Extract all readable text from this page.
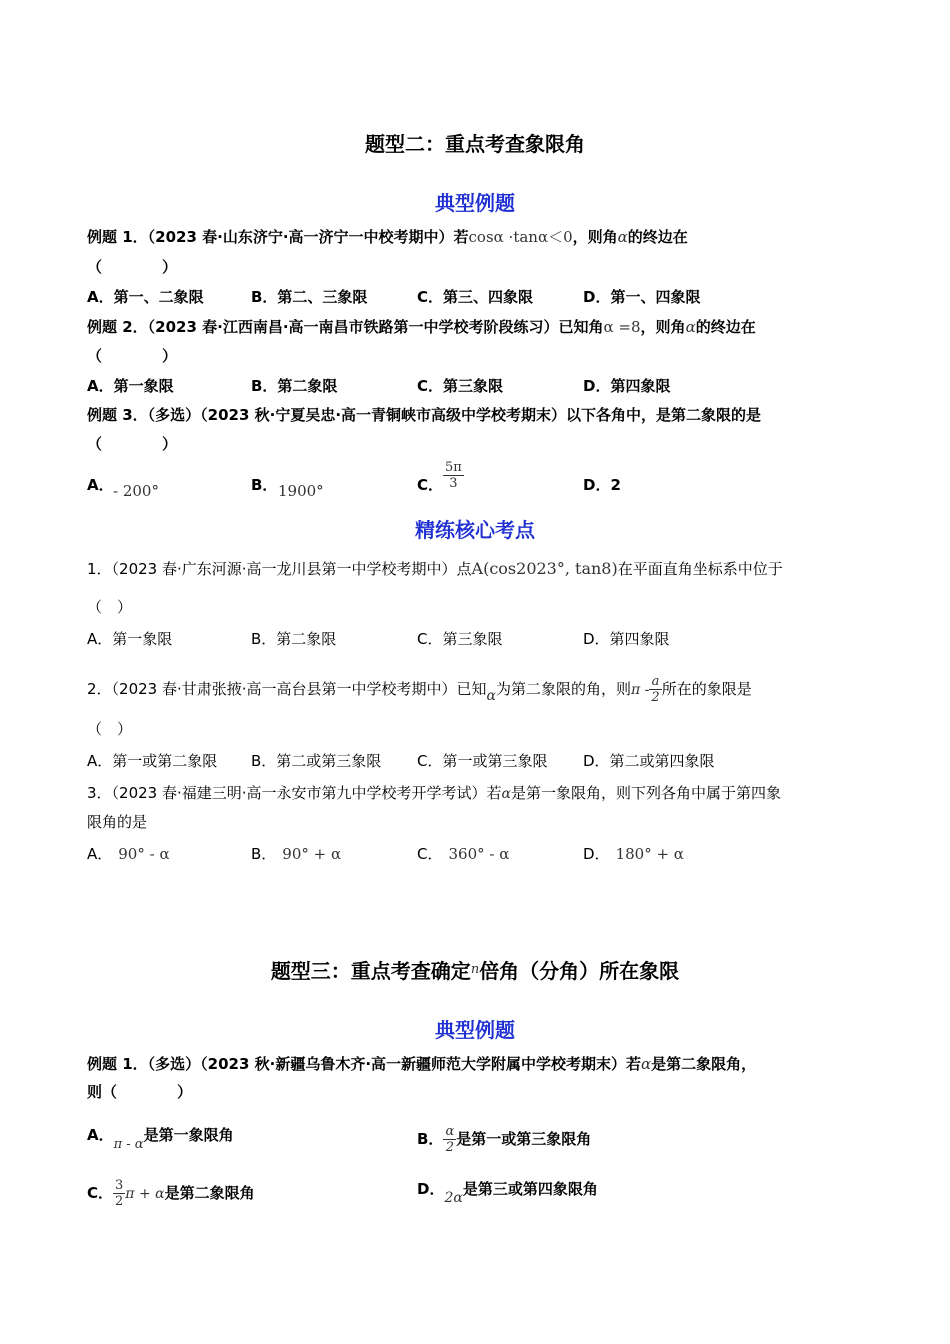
题型二：重点考查象限角
典型例题
例题 1．（2023 春·山东济宁·高一济宁一中校考期中）若cosα ·tanα＜0，则角α的终边在
（　　　　）
A．第一、二象限	B．第二、三象限	C．第三、四象限	D．第一、四象限
例题 2．（2023 春·江西南昌·高一南昌市铁路第一中学校考阶段练习）已知角α =8，则角α的终边在
（　　　　）
A．第一象限	B．第二象限	C．第三象限	D．第四象限
例题 3．（多选）（2023 秋·宁夏吴忠·高一青铜峡市高级中学校考期末）以下各角中，是第二象限的是
（　　　　）
A． - 200°	B． 1900°	C． $\frac{5\pi}{3}$	D．2
精练核心考点
1．（2023 春·广东河源·高一龙川县第一中学校考期中）点A(cos2023°, tan8)在平面直角坐标系中位于
（　）
A．第一象限	B．第二象限	C．第三象限	D．第四象限
2．（2023 春·甘肃张掖·高一高台县第一中学校考期中）已知α为第二象限的角，则π - $\frac{a}{2}$ 所在的象限是
（　）
A．第一或第二象限 B．第二或第三象限 C．第一或第三象限 D．第二或第四象限
3．（2023 春·福建三明·高一永安市第九中学校考开学考试）若α是第一象限角，则下列各角中属于第四象
限角的是
A． 90° - α	B． 90° + α	C． 360° - α	D． 180° + α
题型三：重点考查确定$^n$倍角（分角）所在象限
典型例题
例题 1．（多选）（2023 秋·新疆乌鲁木齐·高一新疆师范大学附属中学校考期末）若α是第二象限角，
则（　　　　）
A．π - α是第一象限角	B． $\frac{\alpha}{2}$ 是第一或第三象限角
C． $\frac{3}{2}$ π + α是第二象限角	D．2α是第三或第四象限角
